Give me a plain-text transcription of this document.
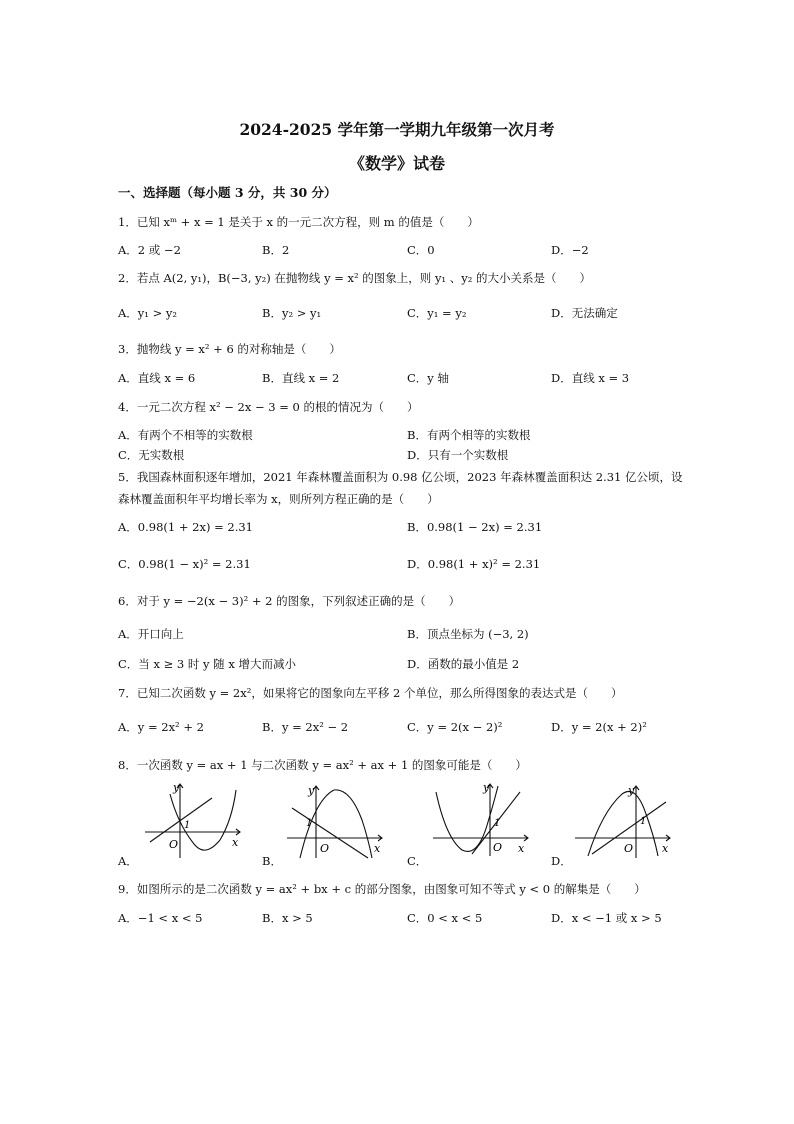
2024-2025 学年第一学期九年级第一次月考
《数学》试卷
一、选择题（每小题 3 分，共 30 分）
1．已知 xᵐ + x = 1 是关于 x 的一元二次方程，则 m 的值是（　　）
A．2 或 −2	B．2	C．0	D．−2
2．若点 A(2, y₁)，B(−3, y₂) 在抛物线 y = x² 的图象上，则 y₁ 、y₂ 的大小关系是（　　）
A．y₁ > y₂	B．y₂ > y₁	C．y₁ = y₂	D．无法确定
3．抛物线 y = x² + 6 的对称轴是（　　）
A．直线 x = 6	B．直线 x = 2	C．y 轴	D．直线 x = 3
4．一元二次方程 x² − 2x − 3 = 0 的根的情况为（　　）
A．有两个不相等的实数根	B．有两个相等的实数根
C．无实数根	D．只有一个实数根
5．我国森林面积逐年增加，2021 年森林覆盖面积为 0.98 亿公顷，2023 年森林覆盖面积达 2.31 亿公顷，设
森林覆盖面积年平均增长率为 x，则所列方程正确的是（　　）
A．0.98(1 + 2x) = 2.31	B．0.98(1 − 2x) = 2.31
C．0.98(1 − x)² = 2.31	D．0.98(1 + x)² = 2.31
6．对于 y = −2(x − 3)² + 2 的图象，下列叙述正确的是（　　）
A．开口向上	B．顶点坐标为 (−3, 2)
C．当 x ≥ 3 时 y 随 x 增大而减小	D．函数的最小值是 2
7．已知二次函数 y = 2x²，如果将它的图象向左平移 2 个单位，那么所得图象的表达式是（　　）
A．y = 2x² + 2	B．y = 2x² − 2	C．y = 2(x − 2)²	D．y = 2(x + 2)²
8．一次函数 y = ax + 1 与二次函数 y = ax² + ax + 1 的图象可能是（　　）
A．	B．	C．	D．
y
x
O
1
y
x
O
1
y
x
O
1
y
x
O
1
9．如图所示的是二次函数 y = ax² + bx + c 的部分图象，由图象可知不等式 y < 0 的解集是（　　）
A．−1 < x < 5	B．x > 5	C．0 < x < 5	D．x < −1 或 x > 5
